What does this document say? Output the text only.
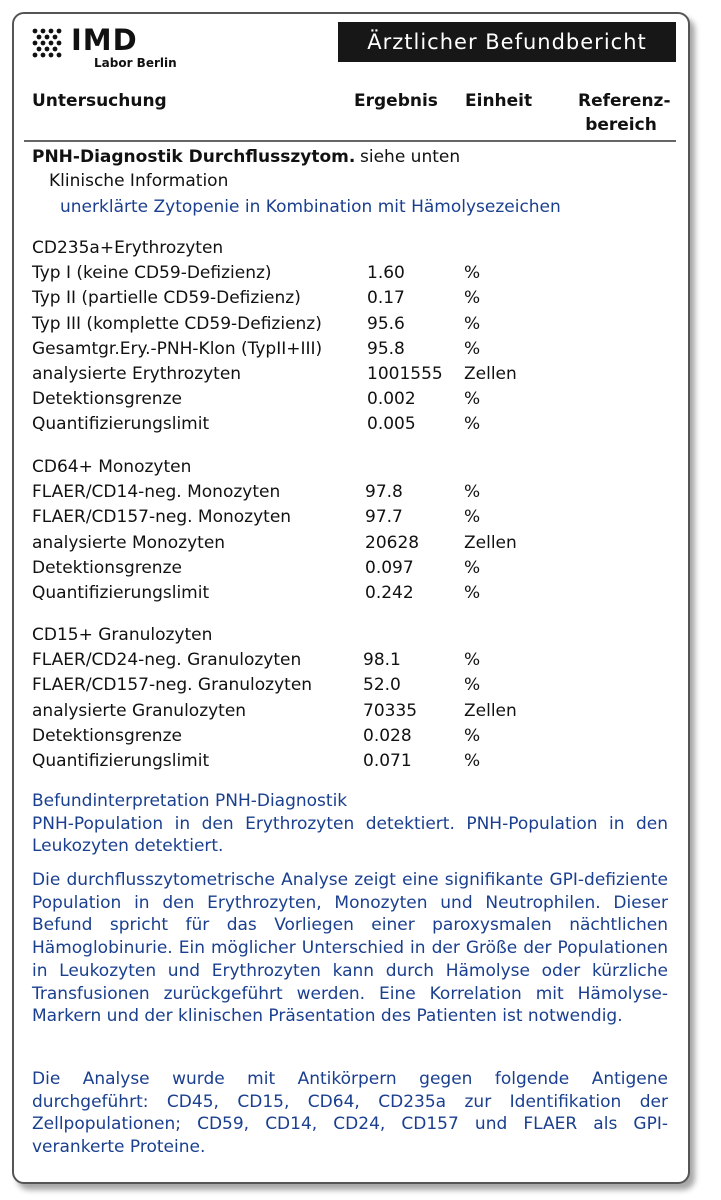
IMD
Labor Berlin
Ärztlicher Befundbericht
Untersuchung	Ergebnis Einheit	Referenz-
bereich
PNH-Diagnostik Durchflusszytom. siehe unten
Klinische Information
unerklärte Zytopenie in Kombination mit Hämolysezeichen
CD235a+Erythrozyten
Typ I (keine CD59-Defizienz)	1.60	%
Typ II (partielle CD59-Defizienz)	0.17	%
Typ III (komplette CD59-Defizienz)	95.6	%
Gesamtgr.Ery.-PNH-Klon (TypII+III)	95.8	%
analysierte Erythrozyten	1001555 Zellen
Detektionsgrenze	0.002	%
Quantifizierungslimit	0.005	%
CD64+ Monozyten
FLAER/CD14-neg. Monozyten	97.8	%
FLAER/CD157-neg. Monozyten	97.7	%
analysierte Monozyten	20628	Zellen
Detektionsgrenze	0.097	%
Quantifizierungslimit	0.242	%
CD15+ Granulozyten
FLAER/CD24-neg. Granulozyten	98.1	%
FLAER/CD157-neg. Granulozyten	52.0	%
analysierte Granulozyten	70335	Zellen
Detektionsgrenze	0.028	%
Quantifizierungslimit	0.071	%
Befundinterpretation PNH-Diagnostik
PNH-Population in den Erythrozyten detektiert. PNH-Population in den Leukozyten detektiert.
Die durchflusszytometrische Analyse zeigt eine signifikante GPI-defiziente Population in den Erythrozyten, Monozyten und Neutrophilen. Dieser Befund spricht für das Vorliegen einer paroxysmalen nächtlichen Hämoglobinurie. Ein möglicher Unterschied in der Größe der Populationen in Leukozyten und Erythrozyten kann durch Hämolyse oder kürzliche Transfusionen zurückgeführt werden. Eine Korrelation mit Hämolyse-Markern und der klinischen Präsentation des Patienten ist notwendig.
Die Analyse wurde mit Antikörpern gegen folgende Antigene durchgeführt: CD45, CD15, CD64, CD235a zur Identifikation der Zellpopulationen; CD59, CD14, CD24, CD157 und FLAER als GPI-verankerte Proteine.
